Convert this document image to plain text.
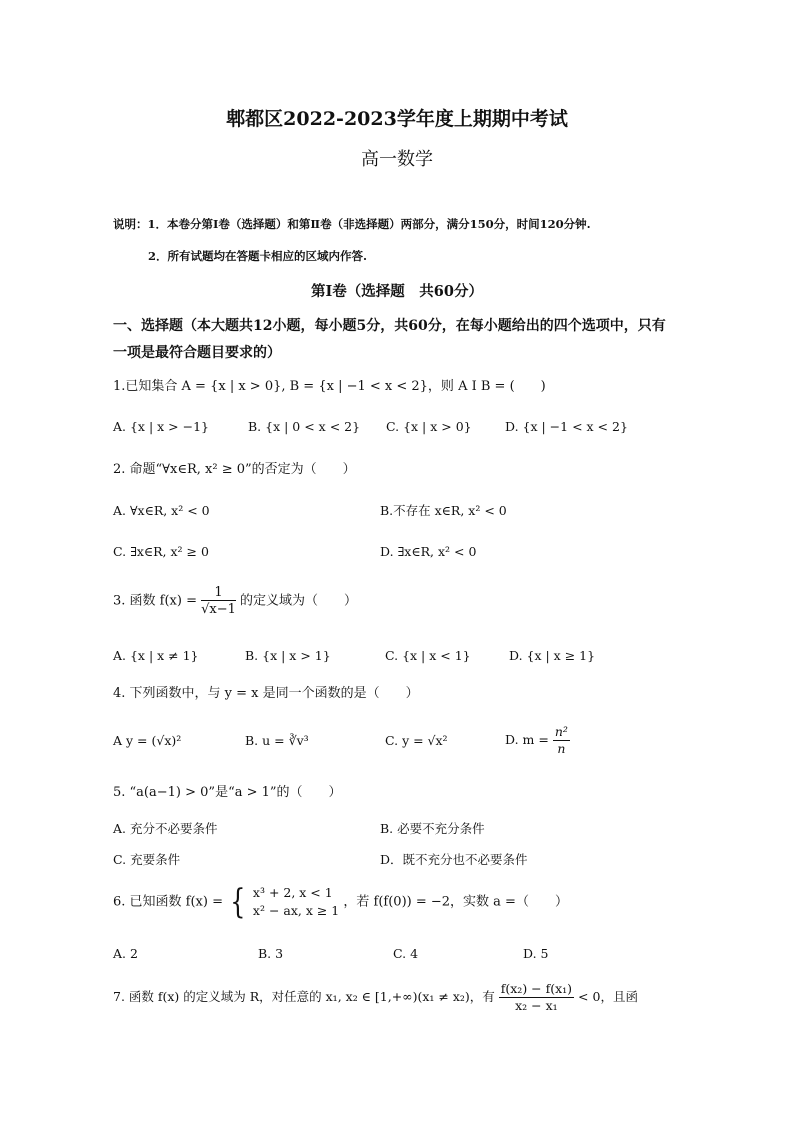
郫都区2022-2023学年度上期期中考试
高一数学
说明：1．本卷分第Ⅰ卷（选择题）和第Ⅱ卷（非选择题）两部分，满分150分，时间120分钟.
2．所有试题均在答题卡相应的区域内作答.
第Ⅰ卷（选择题　共60分）
一、选择题（本大题共12小题，每小题5分，共60分，在每小题给出的四个选项中，只有
一项是最符合题目要求的）
1.已知集合 A = {x | x > 0}, B = {x | −1 < x < 2}，则 A I B = (　　)
A. {x | x > −1}	B. {x | 0 < x < 2} C. {x | x > 0}	D. {x | −1 < x < 2}
2. 命题“∀x∈R, x² ≥ 0”的否定为（　　）
A. ∀x∈R, x² < 0	B.不存在 x∈R, x² < 0
C. ∃x∈R, x² ≥ 0	D. ∃x∈R, x² < 0
3. 函数 $f(x) = \frac{1}{√x-1}$ 的定义域为（　　）
A. {x | x ≠ 1}	B. {x | x > 1}	C. {x | x < 1}	D. {x | x ≥ 1}
4. 下列函数中，与 y = x 是同一个函数的是（　　）
A y = (√x)²	B. u = ∛v³	C. y = √x²	D. $m = \frac{\text{n²}}{n}$
5. “a(a−1) > 0”是“a > 1”的（　　）
A. 充分不必要条件	B. 必要不充分条件
C. 充要条件	D．既不充分也不必要条件
6. 已知函数 f(x) = { x³ + 2, x < 1
x² − ax, x ≥ 1
，若 f(f(0)) = −2，实数 a =（　　）
A. 2	B. 3	C. 4	D. 5
7. 函数 f(x) 的定义域为 R，对任意的 x₁, x₂ ∈ [1,+∞)(x₁ ≠ x₂)，有 $\frac{\text{f(x₂) − f(x₁)}}{\text{x₂ − x₁}} < 0$，且函
